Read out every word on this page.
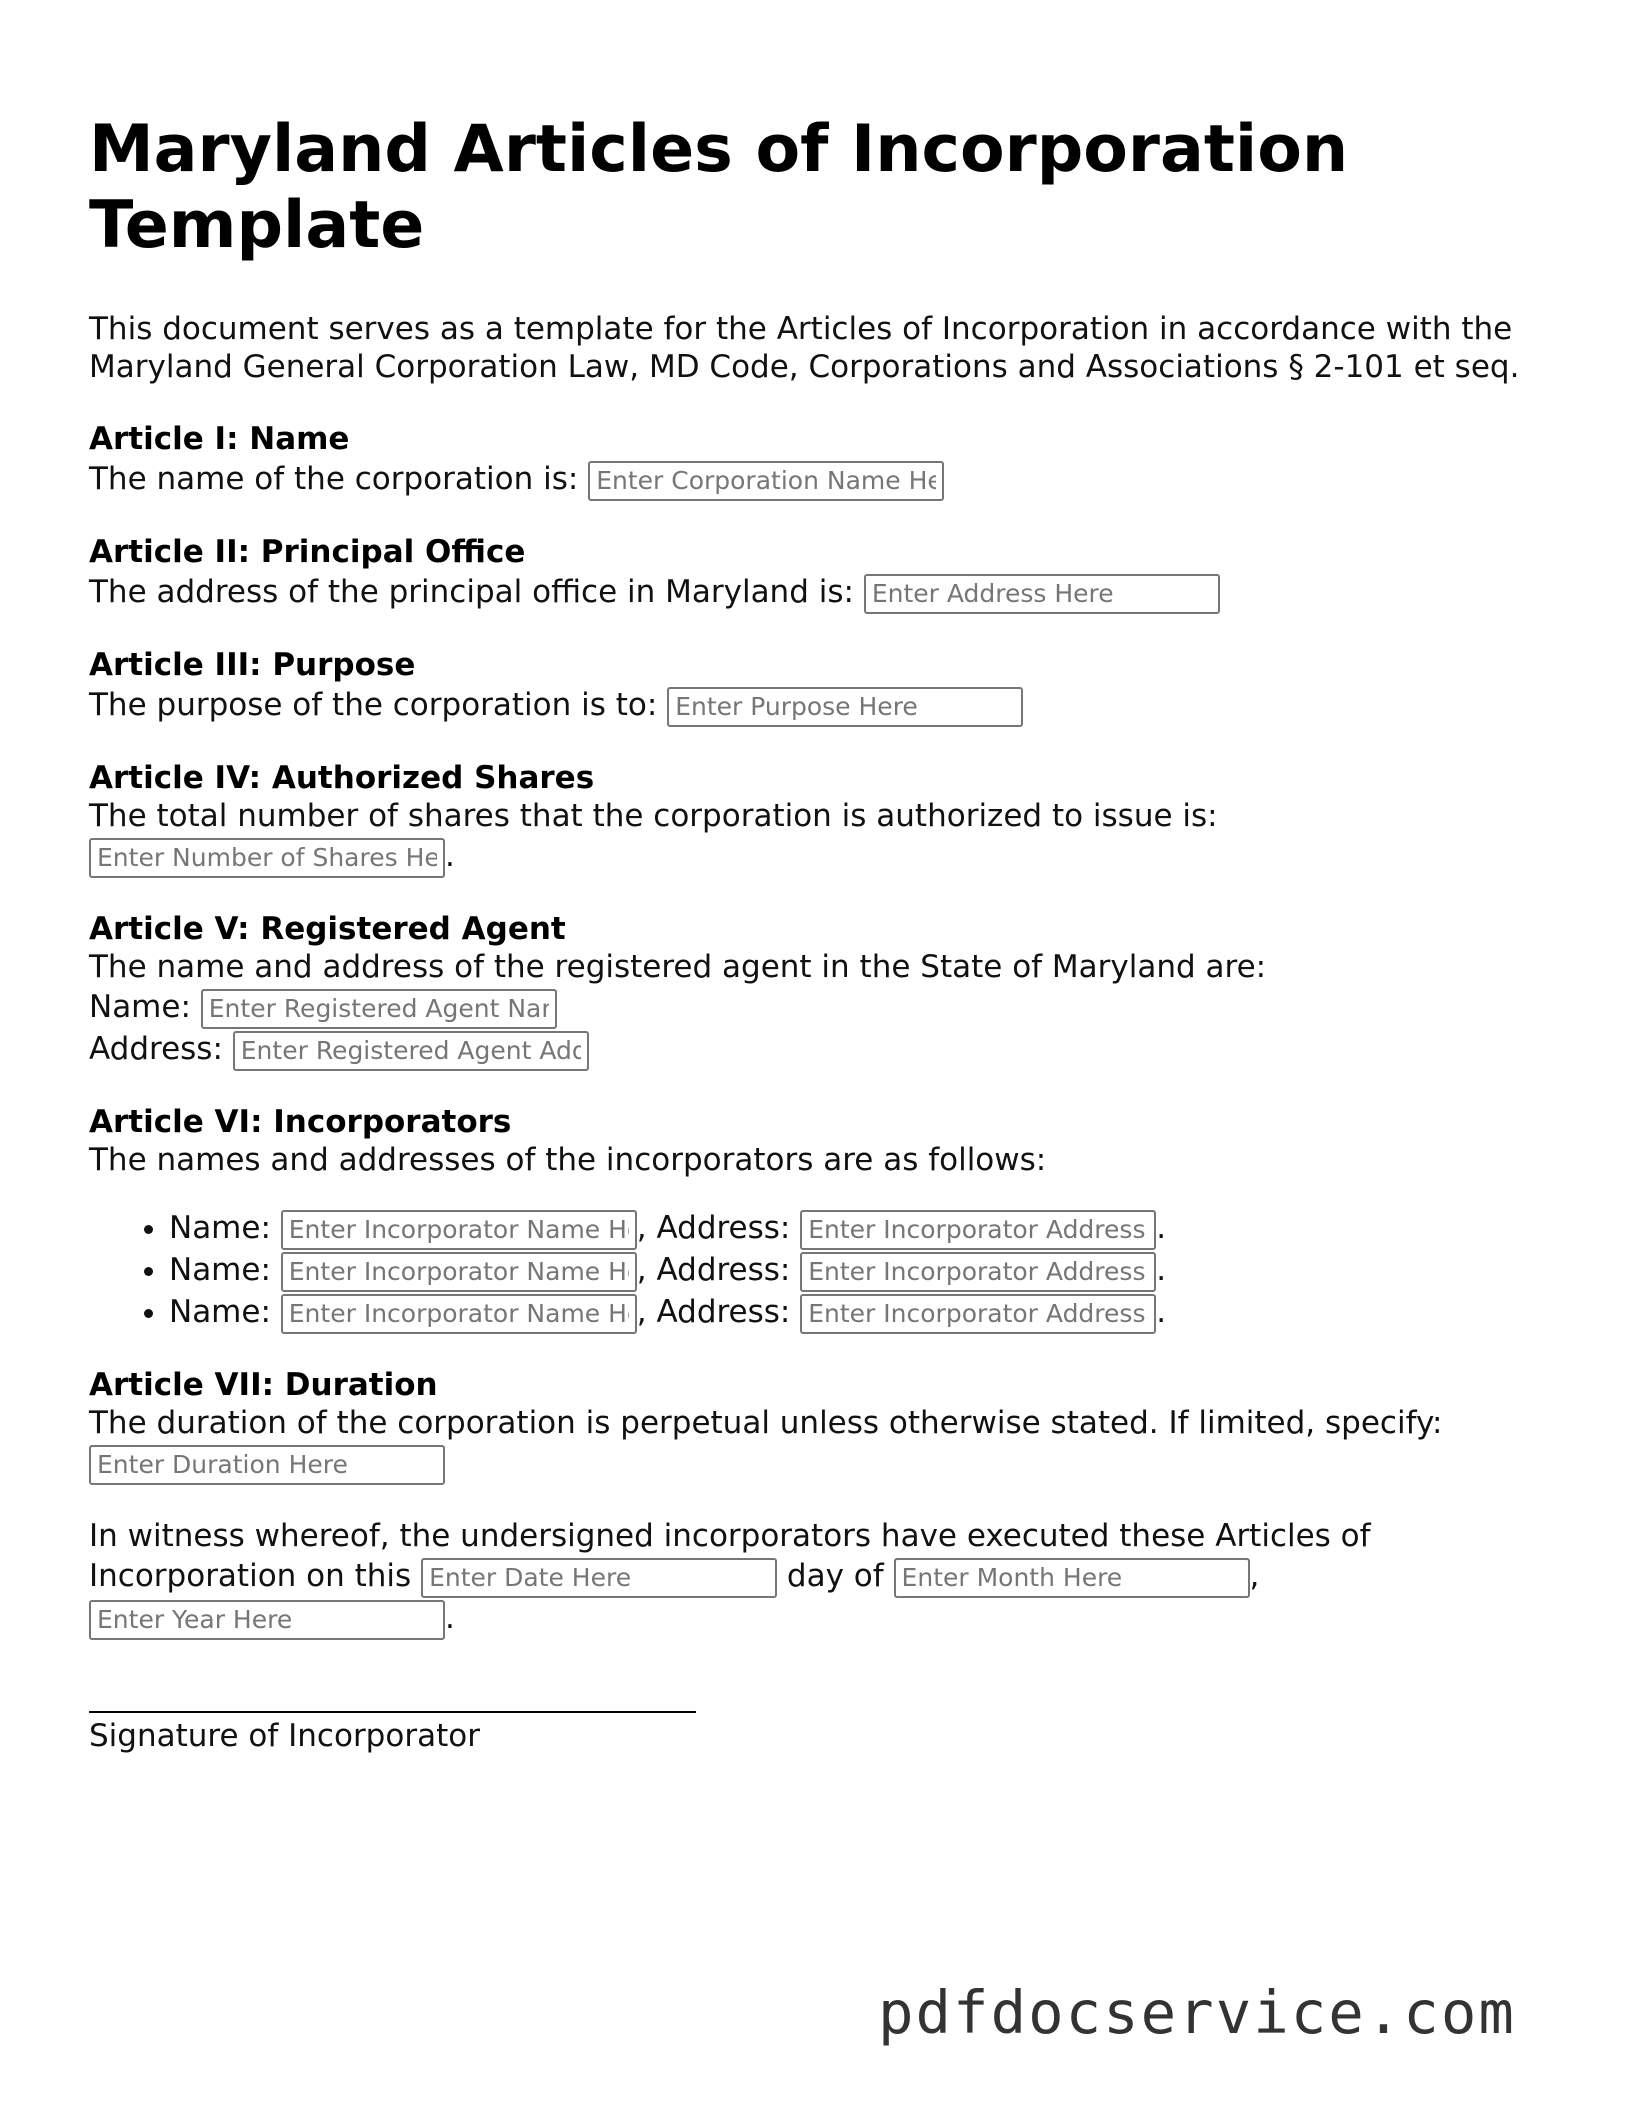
Maryland Articles of Incorporation Template

This document serves as a template for the Articles of Incorporation in accordance with the Maryland General Corporation Law, MD Code, Corporations and Associations § 2-101 et seq.

Article I: Name
The name of the corporation is: Enter Corporation Name Here
Article II: Principal Office
The address of the principal office in Maryland is: Enter Address Here
Article III: Purpose
The purpose of the corporation is to: Enter Purpose Here
Article IV: Authorized Shares

The total number of shares that the corporation is authorized to issue is:

Enter Number of Shares Here.
Article V: Registered Agent

The name and address of the registered agent in the State of Maryland are:

Name: Enter Registered Agent Name
Address: Enter Registered Agent Address
Article VI: Incorporators

The names and addresses of the incorporators are as follows:

• Name: Enter Incorporator Name Here	, Address: Enter Incorporator Address	.
• Name: Enter Incorporator Name Here	, Address: Enter Incorporator Address	.
• Name: Enter Incorporator Name Here	, Address: Enter Incorporator Address	.
Article VII: Duration

The duration of the corporation is perpetual unless otherwise stated. If limited, specify:

Enter Duration Here

In witness whereof, the undersigned incorporators have executed these Articles of

Incorporation on this Enter Date Here	day of Enter Month Here	,
Enter Year Here.
Signature of Incorporator
pdfdocservice.com
